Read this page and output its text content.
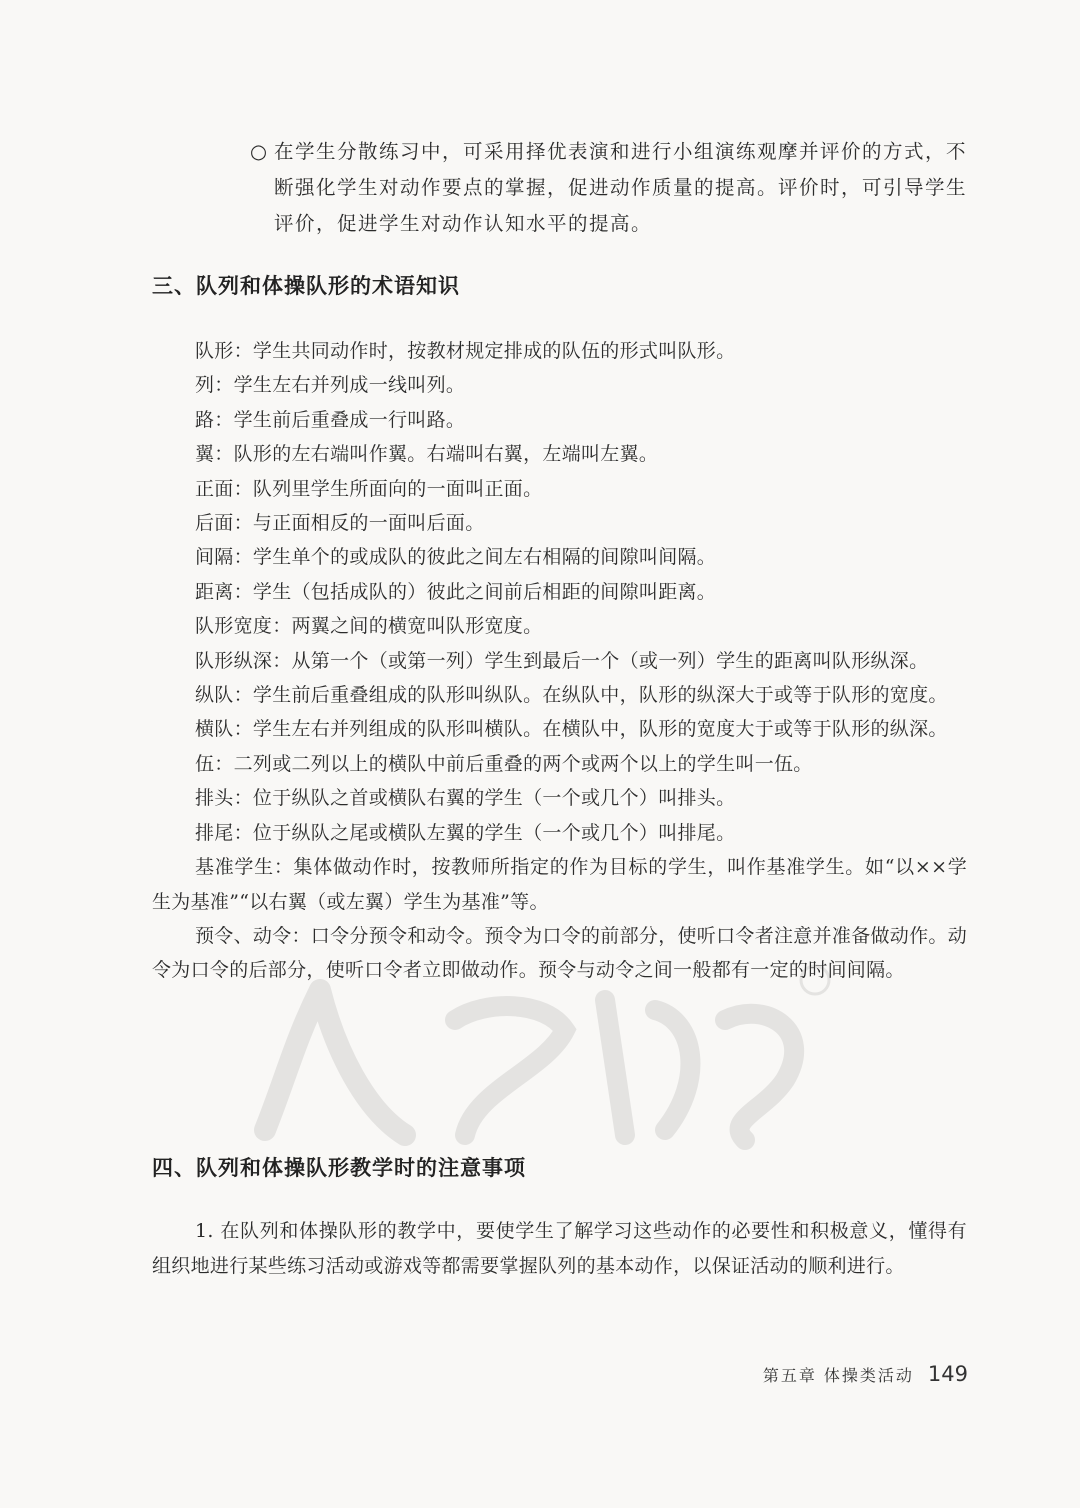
○ 在学生分散练习中，可采用择优表演和进行小组演练观摩并评价的方式，不断强化学生对动作要点的掌握，促进动作质量的提高。评价时，可引导学生评价，促进学生对动作认知水平的提高。

三、队列和体操队形的术语知识

队形：学生共同动作时，按教材规定排成的队伍的形式叫队形。

列：学生左右并列成一线叫列。

路：学生前后重叠成一行叫路。

翼：队形的左右端叫作翼。右端叫右翼，左端叫左翼。

正面：队列里学生所面向的一面叫正面。

后面：与正面相反的一面叫后面。

间隔：学生单个的或成队的彼此之间左右相隔的间隙叫间隔。

距离：学生（包括成队的）彼此之间前后相距的间隙叫距离。

队形宽度：两翼之间的横宽叫队形宽度。

队形纵深：从第一个（或第一列）学生到最后一个（或一列）学生的距离叫队形纵深。

纵队：学生前后重叠组成的队形叫纵队。在纵队中，队形的纵深大于或等于队形的宽度。

横队：学生左右并列组成的队形叫横队。在横队中，队形的宽度大于或等于队形的纵深。

伍：二列或二列以上的横队中前后重叠的两个或两个以上的学生叫一伍。

排头：位于纵队之首或横队右翼的学生（一个或几个）叫排头。

排尾：位于纵队之尾或横队左翼的学生（一个或几个）叫排尾。

基准学生：集体做动作时，按教师所指定的作为目标的学生，叫作基准学生。如“以××学生为基准”“以右翼（或左翼）学生为基准”等。

预令、动令：口令分预令和动令。预令为口令的前部分，使听口令者注意并准备做动作。动令为口令的后部分，使听口令者立即做动作。预令与动令之间一般都有一定的时间间隔。

四、队列和体操队形教学时的注意事项

1. 在队列和体操队形的教学中，要使学生了解学习这些动作的必要性和积极意义，懂得有组织地进行某些练习活动或游戏等都需要掌握队列的基本动作，以保证活动的顺利进行。

第五章 体操类活动 149
